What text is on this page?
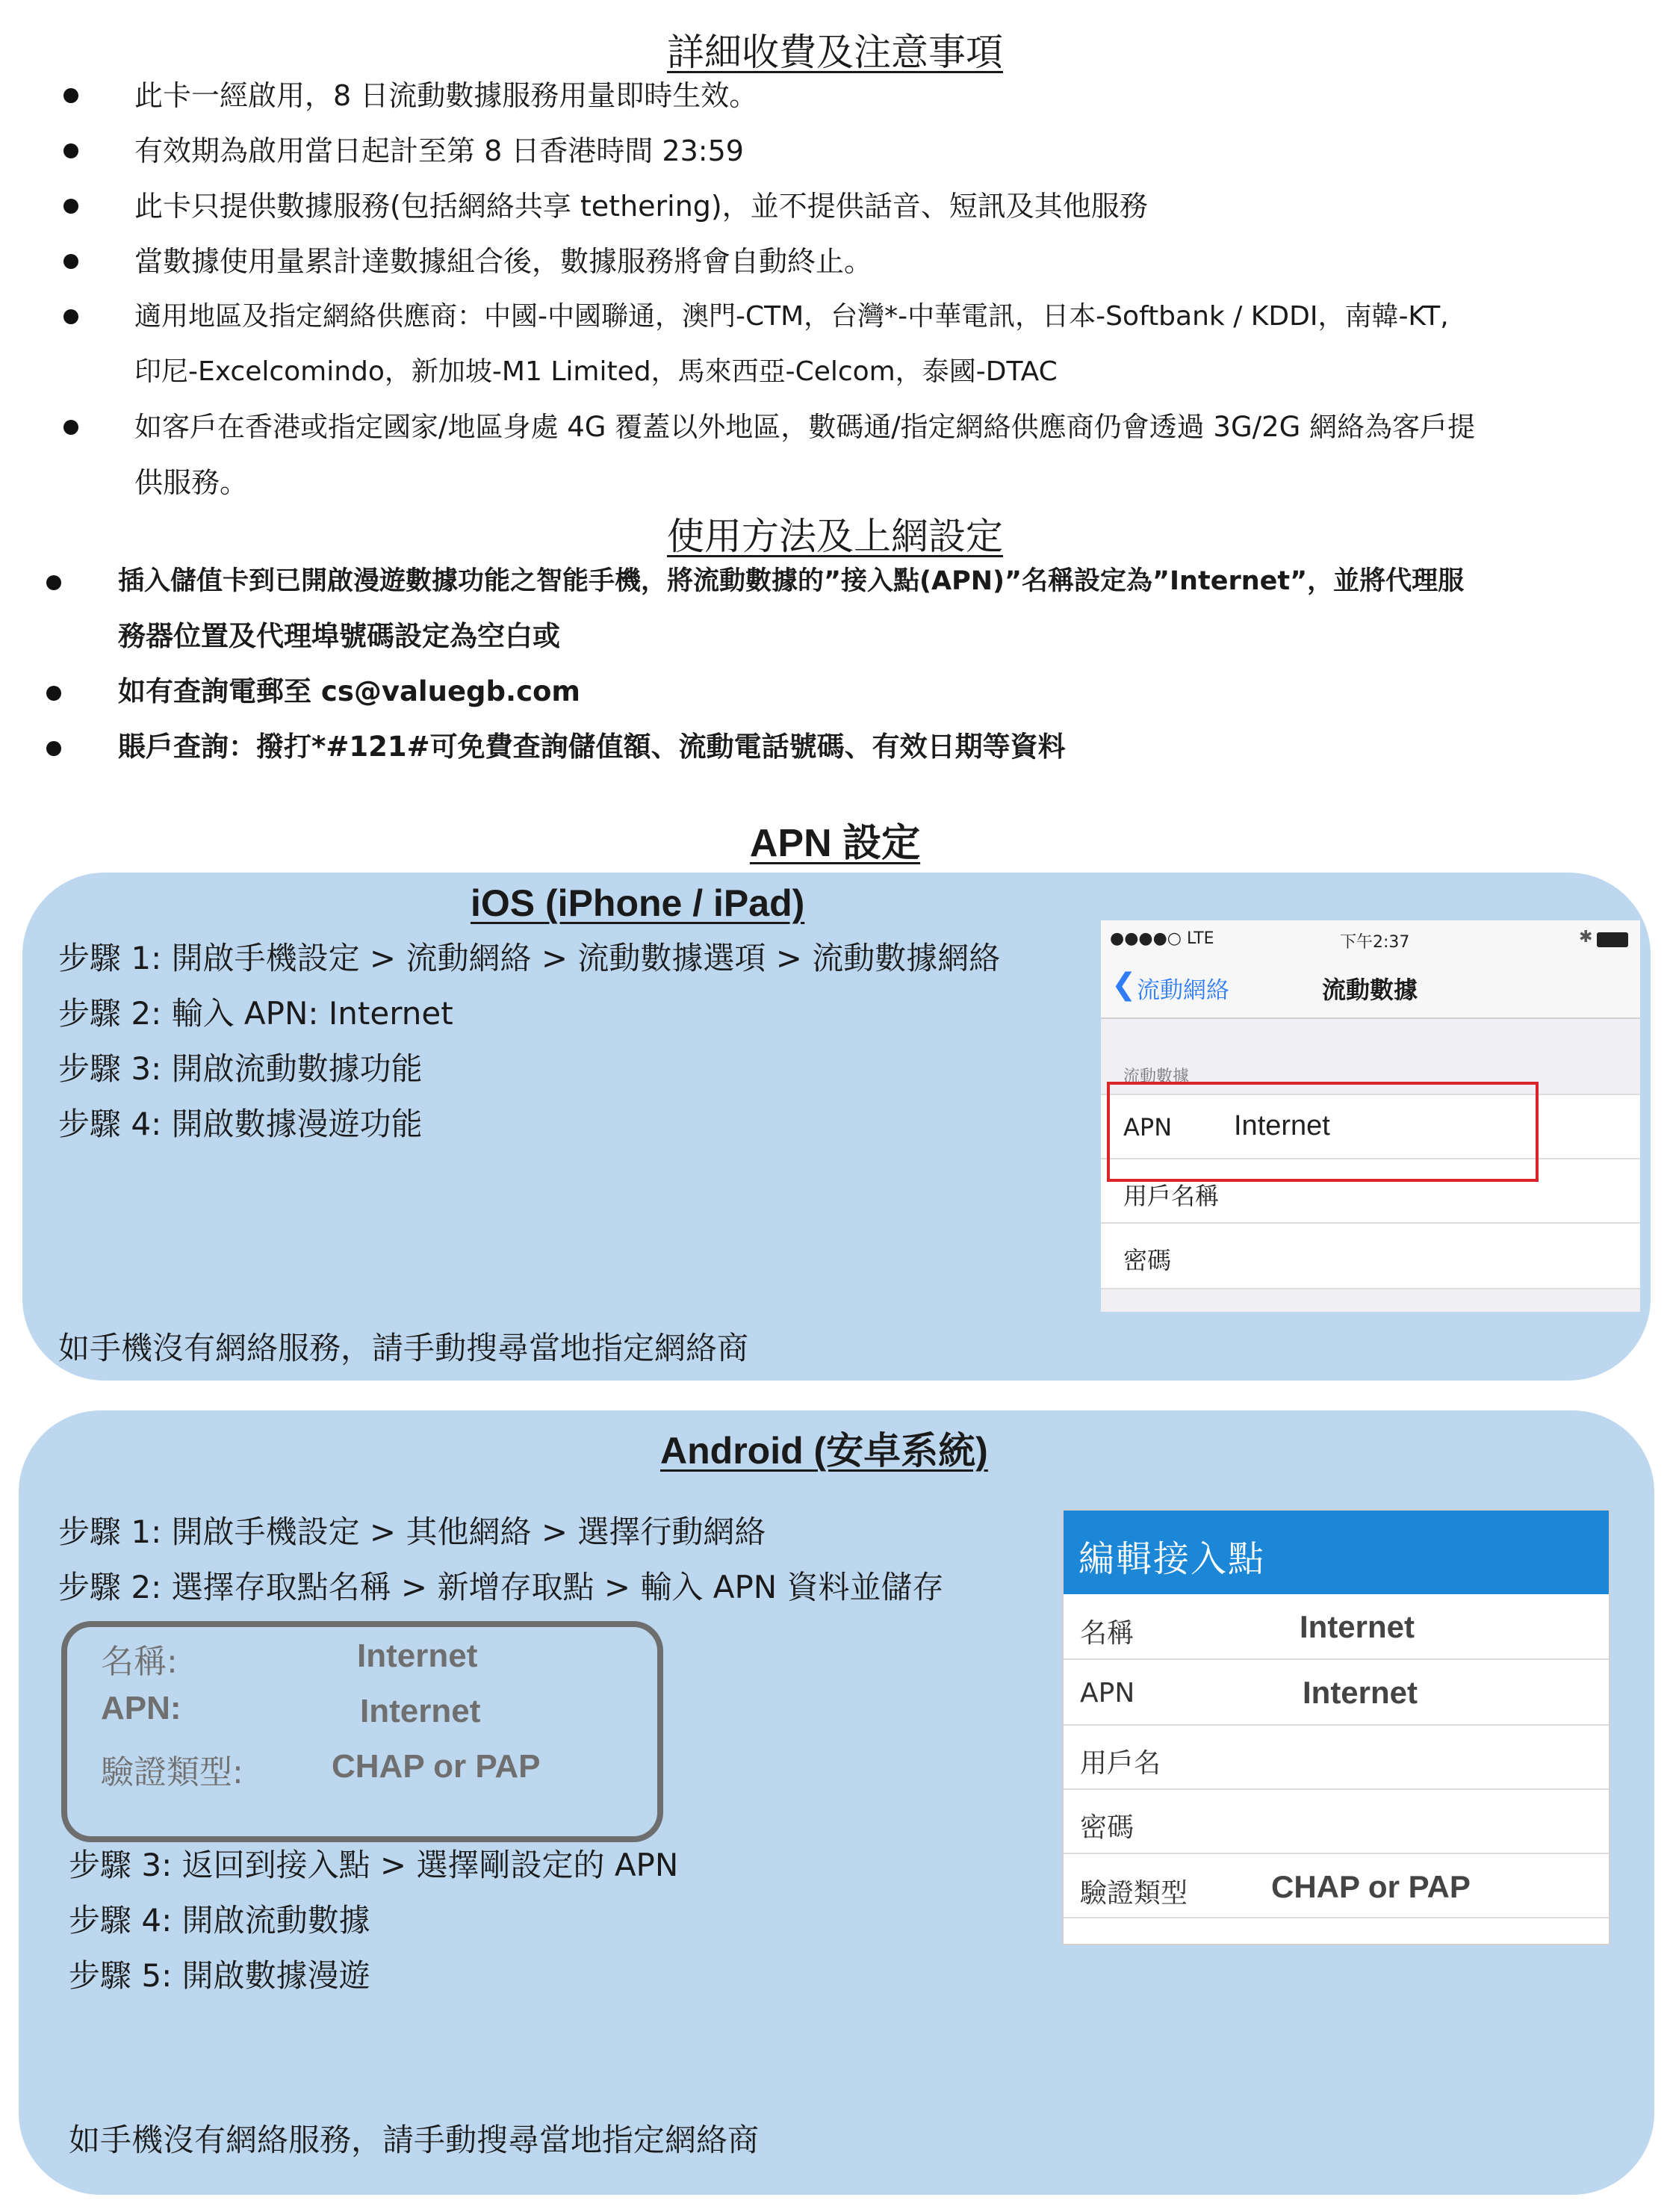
詳細收費及注意事項
此卡一經啟用，8 日流動數據服務用量即時生效。
有效期為啟用當日起計至第 8 日香港時間 23:59
此卡只提供數據服務(包括網絡共享 tethering)，並不提供話音、短訊及其他服務
當數據使用量累計達數據組合後，數據服務將會自動終止。
適用地區及指定網絡供應商：中國-中國聯通，澳門-CTM，台灣*-中華電訊，日本-Softbank / KDDI，南韓-KT,
印尼-Excelcomindo，新加坡-M1 Limited，馬來西亞-Celcom，泰國-DTAC
如客戶在香港或指定國家/地區身處 4G 覆蓋以外地區，數碼通/指定網絡供應商仍會透過 3G/2G 網絡為客戶提
供服務。
使用方法及上網設定
插入儲值卡到已開啟漫遊數據功能之智能手機，將流動數據的”接入點(APN)”名稱設定為”Internet”，並將代理服
務器位置及代理埠號碼設定為空白或
如有查詢電郵至 cs@valuegb.com
賬戶查詢：撥打*#121#可免費查詢儲值額、流動電話號碼、有效日期等資料
APN 設定
iOS (iPhone / iPad)
步驟 1: 開啟手機設定 > 流動網絡 > 流動數據選項 > 流動數據網絡
步驟 2: 輸入 APN: Internet
步驟 3: 開啟流動數據功能
步驟 4: 開啟數據漫遊功能
如手機沒有網絡服務，請手動搜尋當地指定網絡商
●●●●○ LTE	下午2:37	✱
❮ 流動網絡	流動數據
流動數據
APN Internet
用戶名稱
密碼
Android (安卓系統)
步驟 1: 開啟手機設定 > 其他網絡 > 選擇行動網絡
步驟 2: 選擇存取點名稱 > 新增存取點 > 輸入 APN 資料並儲存
名稱:	Internet
APN:	Internet
驗證類型:	CHAP or PAP
步驟 3: 返回到接入點 > 選擇剛設定的 APN
步驟 4: 開啟流動數據
步驟 5: 開啟數據漫遊
如手機沒有網絡服務，請手動搜尋當地指定網絡商
編輯接入點
名稱	Internet
APN	Internet
用戶名
密碼
驗證類型	CHAP or PAP
